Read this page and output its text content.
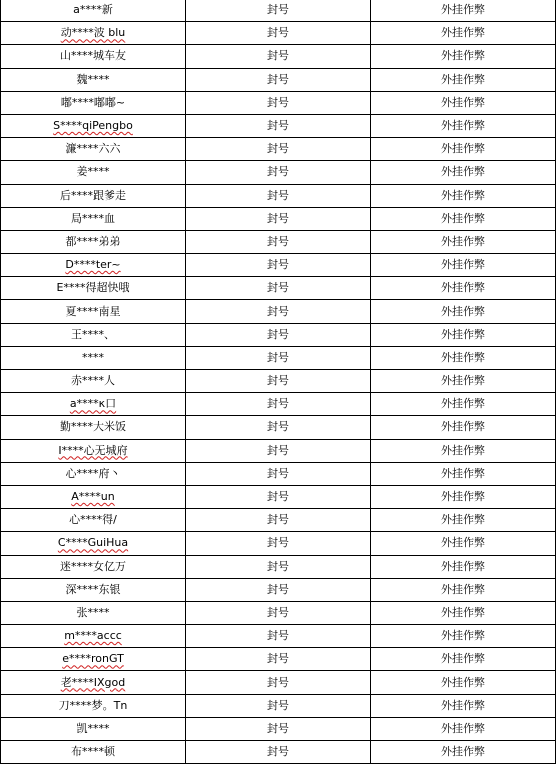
a****新	封号	外挂作弊
动****波 blu	封号	外挂作弊
山****城车友	封号	外挂作弊
魏****	封号	外挂作弊
嘟****嘟嘟~	封号	外挂作弊
S****qiPengbo	封号	外挂作弊
濂****六六	封号	外挂作弊
姜****	封号	外挂作弊
后****跟爹走	封号	外挂作弊
局****血	封号	外挂作弊
都****弟弟	封号	外挂作弊
D****ter~	封号	外挂作弊
E****得超快哦	封号	外挂作弊
夏****南星	封号	外挂作弊
王****、	封号	外挂作弊
****	封号	外挂作弊
赤****人	封号	外挂作弊
a****κ口	封号	外挂作弊
勤****大米饭	封号	外挂作弊
I****心无城府	封号	外挂作弊
心****府丶	封号	外挂作弊
A****un	封号	外挂作弊
心****得/	封号	外挂作弊
C****GuiHua	封号	外挂作弊
迷****女亿万	封号	外挂作弊
深****东银	封号	外挂作弊
张****	封号	外挂作弊
m****accc	封号	外挂作弊
e****ronGT	封号	外挂作弊
老****IXgod	封号	外挂作弊
刀****梦。Tn	封号	外挂作弊
凯****	封号	外挂作弊
布****顿	封号	外挂作弊
